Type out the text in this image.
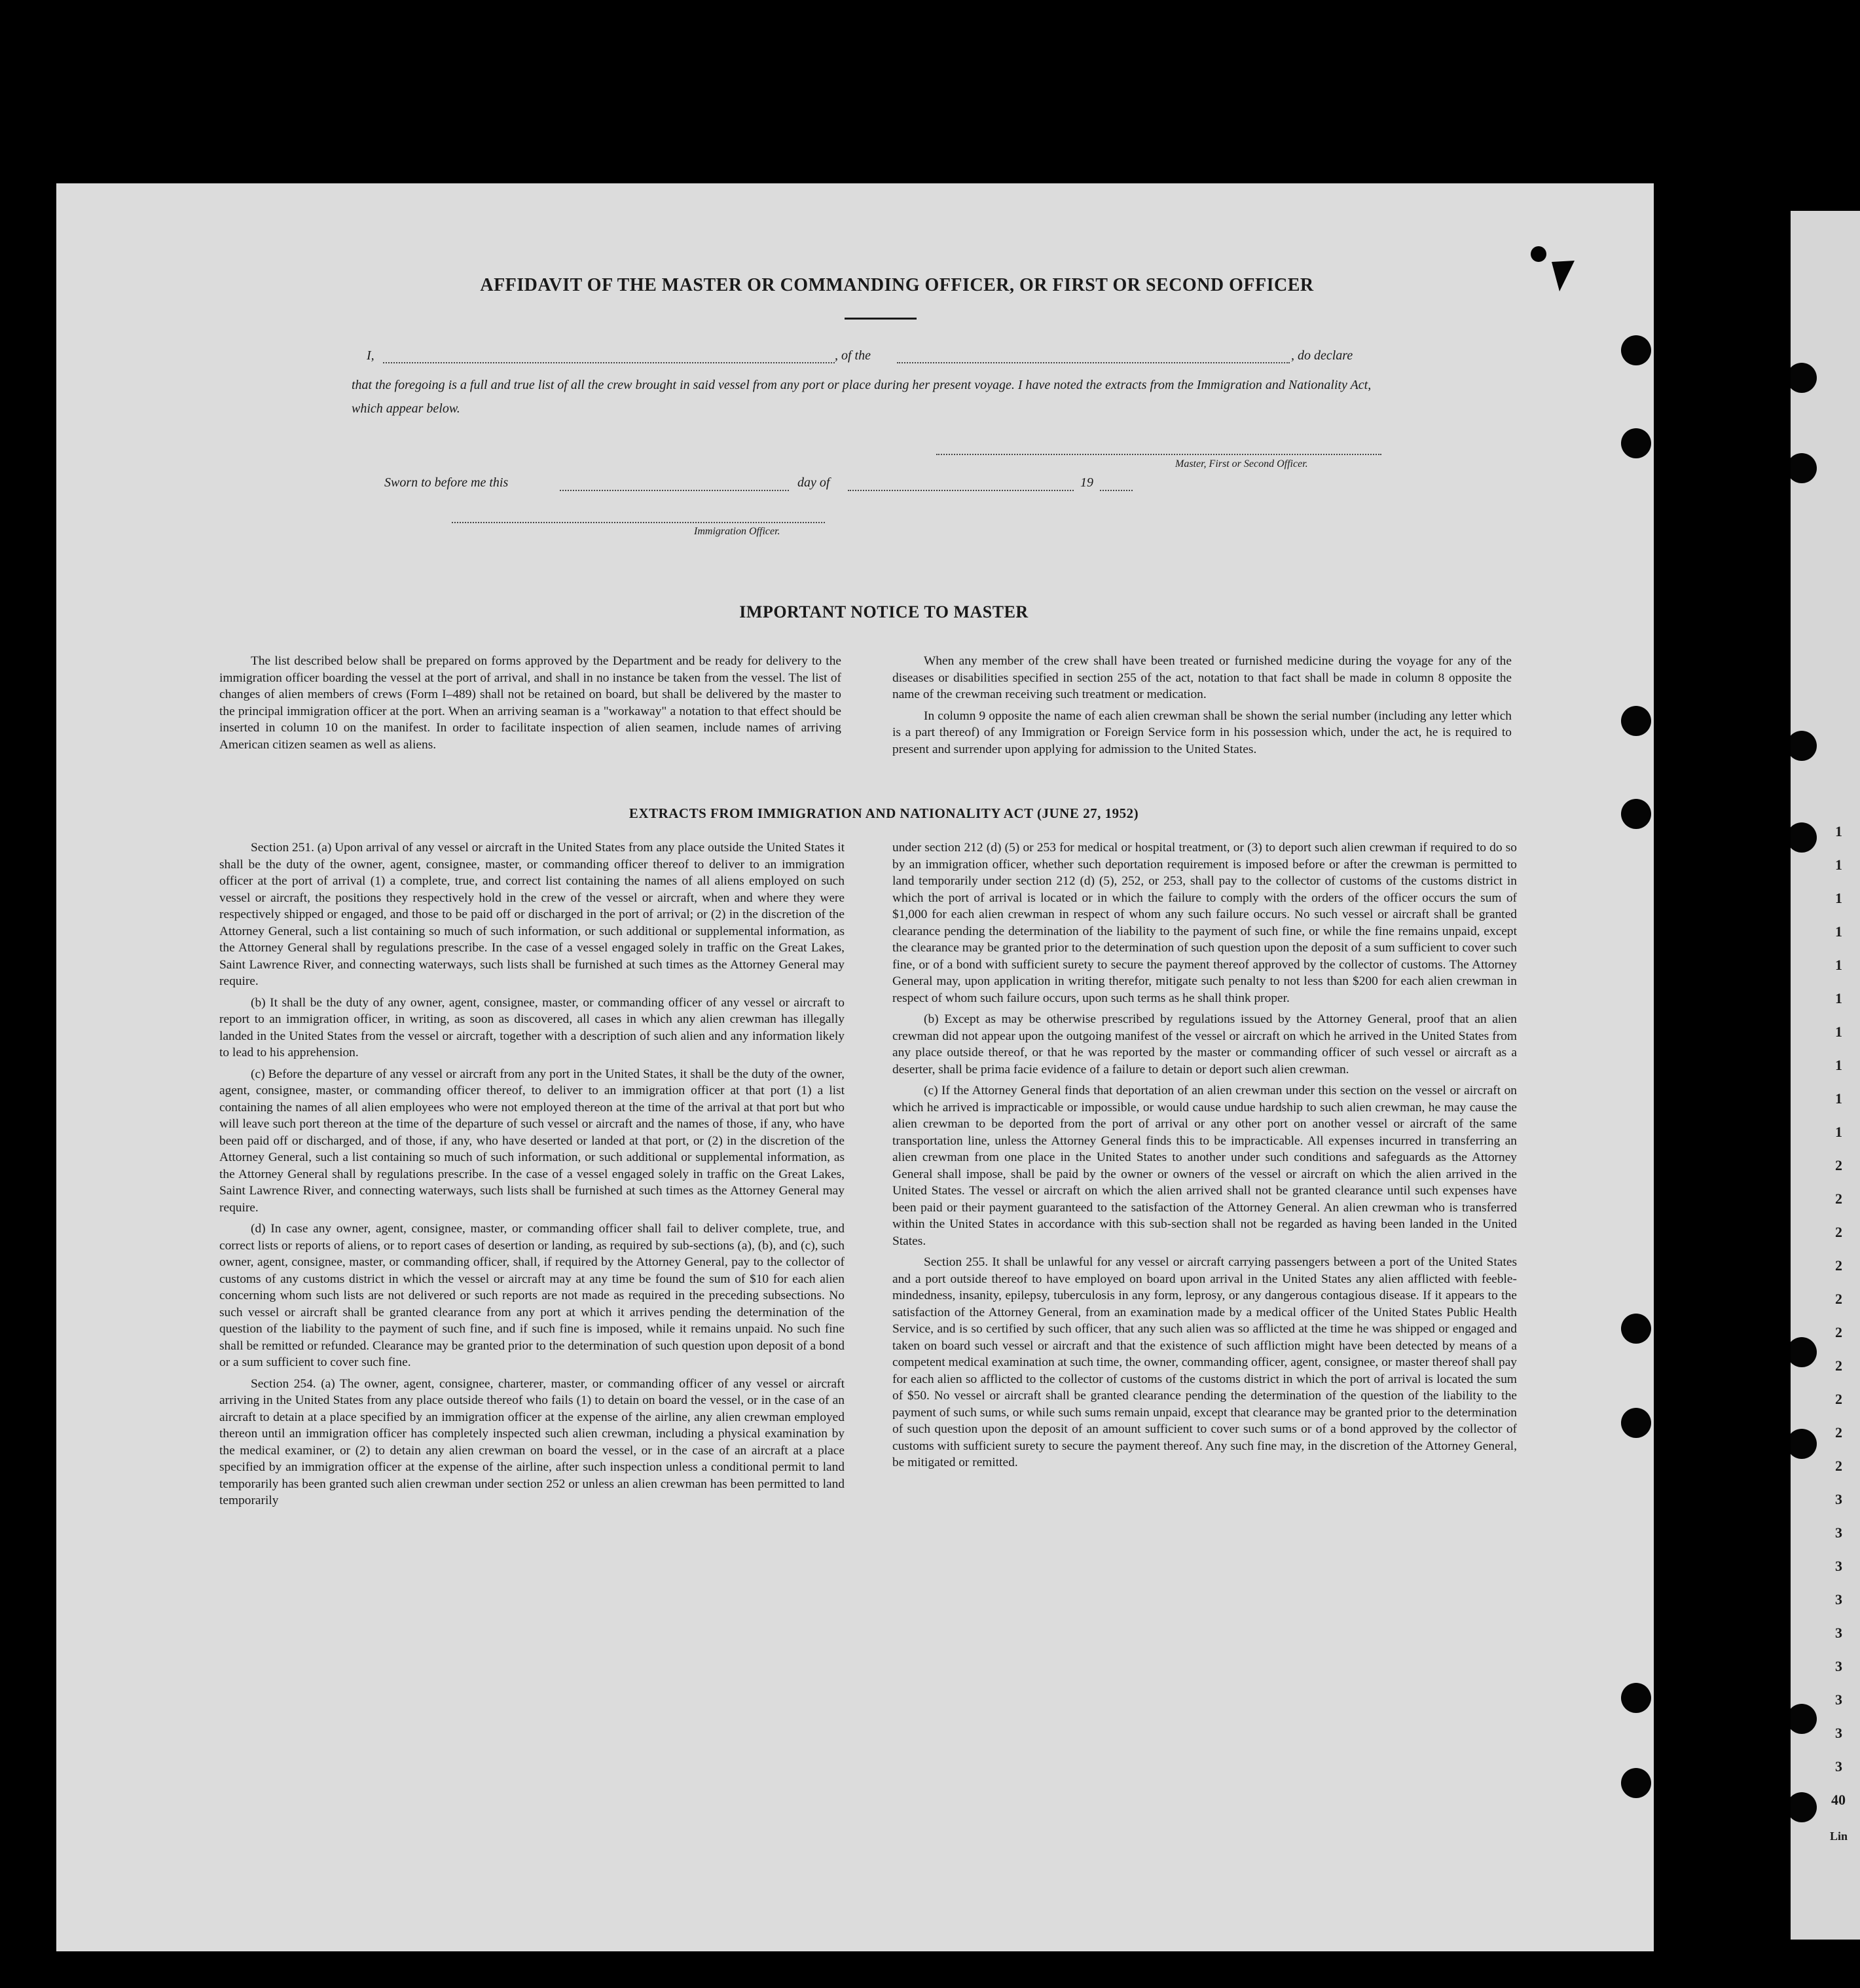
AFFIDAVIT OF THE MASTER OR COMMANDING OFFICER, OR FIRST OR SECOND OFFICER
I,	, of the	, do declare
that the foregoing is a full and true list of all the crew brought in said vessel from any port or place during her present voyage. I have noted the extracts from the Immigration and Nationality Act, which appear below.
Master, First or Second Officer.
Sworn to before me this	day of	19
Immigration Officer.
IMPORTANT NOTICE TO MASTER

The list described below shall be prepared on forms approved by the Department and be ready for delivery to the immigration officer boarding the vessel at the port of arrival, and shall in no instance be taken from the vessel. The list of changes of alien members of crews (Form I–489) shall not be retained on board, but shall be delivered by the master to the principal immigration officer at the port. When an arriving seaman is a "workaway" a notation to that effect should be inserted in column 10 on the manifest. In order to facilitate inspection of alien seamen, include names of arriving American citizen seamen as well as aliens.

When any member of the crew shall have been treated or furnished medicine during the voyage for any of the diseases or disabilities specified in section 255 of the act, notation to that fact shall be made in column 8 opposite the name of the crewman receiving such treatment or medication.

In column 9 opposite the name of each alien crewman shall be shown the serial number (including any letter which is a part thereof) of any Immigration or Foreign Service form in his possession which, under the act, he is required to present and surrender upon applying for admission to the United States.

EXTRACTS FROM IMMIGRATION AND NATIONALITY ACT (JUNE 27, 1952)

Section 251. (a) Upon arrival of any vessel or aircraft in the United States from any place outside the United States it shall be the duty of the owner, agent, consignee, master, or commanding officer thereof to deliver to an immigration officer at the port of arrival (1) a complete, true, and correct list containing the names of all aliens employed on such vessel or aircraft, the positions they respectively hold in the crew of the vessel or aircraft, when and where they were respectively shipped or engaged, and those to be paid off or discharged in the port of arrival; or (2) in the discretion of the Attorney General, such a list containing so much of such information, or such additional or supplemental information, as the Attorney General shall by regulations prescribe. In the case of a vessel engaged solely in traffic on the Great Lakes, Saint Lawrence River, and connecting waterways, such lists shall be furnished at such times as the Attorney General may require.

(b) It shall be the duty of any owner, agent, consignee, master, or commanding officer of any vessel or aircraft to report to an immigration officer, in writing, as soon as discovered, all cases in which any alien crewman has illegally landed in the United States from the vessel or aircraft, together with a description of such alien and any information likely to lead to his apprehension.

(c) Before the departure of any vessel or aircraft from any port in the United States, it shall be the duty of the owner, agent, consignee, master, or commanding officer thereof, to deliver to an immigration officer at that port (1) a list containing the names of all alien employees who were not employed thereon at the time of the arrival at that port but who will leave such port thereon at the time of the departure of such vessel or aircraft and the names of those, if any, who have been paid off or discharged, and of those, if any, who have deserted or landed at that port, or (2) in the discretion of the Attorney General, such a list containing so much of such information, or such additional or supplemental information, as the Attorney General shall by regulations prescribe. In the case of a vessel engaged solely in traffic on the Great Lakes, Saint Lawrence River, and connecting waterways, such lists shall be furnished at such times as the Attorney General may require.

(d) In case any owner, agent, consignee, master, or commanding officer shall fail to deliver complete, true, and correct lists or reports of aliens, or to report cases of desertion or landing, as required by sub-sections (a), (b), and (c), such owner, agent, consignee, master, or commanding officer, shall, if required by the Attorney General, pay to the collector of customs of any customs district in which the vessel or aircraft may at any time be found the sum of $10 for each alien concerning whom such lists are not delivered or such reports are not made as required in the preceding subsections. No such vessel or aircraft shall be granted clearance from any port at which it arrives pending the determination of the question of the liability to the payment of such fine, and if such fine is imposed, while it remains unpaid. No such fine shall be remitted or refunded. Clearance may be granted prior to the determination of such question upon deposit of a bond or a sum sufficient to cover such fine.

Section 254. (a) The owner, agent, consignee, charterer, master, or commanding officer of any vessel or aircraft arriving in the United States from any place outside thereof who fails (1) to detain on board the vessel, or in the case of an aircraft to detain at a place specified by an immigration officer at the expense of the airline, any alien crewman employed thereon until an immigration officer has completely inspected such alien crewman, including a physical examination by the medical examiner, or (2) to detain any alien crewman on board the vessel, or in the case of an aircraft at a place specified by an immigration officer at the expense of the airline, after such inspection unless a conditional permit to land temporarily has been granted such alien crewman under section 252 or unless an alien crewman has been permitted to land temporarily

under section 212 (d) (5) or 253 for medical or hospital treatment, or (3) to deport such alien crewman if required to do so by an immigration officer, whether such deportation requirement is imposed before or after the crewman is permitted to land temporarily under section 212 (d) (5), 252, or 253, shall pay to the collector of customs of the customs district in which the port of arrival is located or in which the failure to comply with the orders of the officer occurs the sum of $1,000 for each alien crewman in respect of whom any such failure occurs. No such vessel or aircraft shall be granted clearance pending the determination of the liability to the payment of such fine, or while the fine remains unpaid, except the clearance may be granted prior to the determination of such question upon the deposit of a sum sufficient to cover such fine, or of a bond with sufficient surety to secure the payment thereof approved by the collector of customs. The Attorney General may, upon application in writing therefor, mitigate such penalty to not less than $200 for each alien crewman in respect of whom such failure occurs, upon such terms as he shall think proper.

(b) Except as may be otherwise prescribed by regulations issued by the Attorney General, proof that an alien crewman did not appear upon the outgoing manifest of the vessel or aircraft on which he arrived in the United States from any place outside thereof, or that he was reported by the master or commanding officer of such vessel or aircraft as a deserter, shall be prima facie evidence of a failure to detain or deport such alien crewman.

(c) If the Attorney General finds that deportation of an alien crewman under this section on the vessel or aircraft on which he arrived is impracticable or impossible, or would cause undue hardship to such alien crewman, he may cause the alien crewman to be deported from the port of arrival or any other port on another vessel or aircraft of the same transportation line, unless the Attorney General finds this to be impracticable. All expenses incurred in transferring an alien crewman from one place in the United States to another under such conditions and safeguards as the Attorney General shall impose, shall be paid by the owner or owners of the vessel or aircraft on which the alien arrived in the United States. The vessel or aircraft on which the alien arrived shall not be granted clearance until such expenses have been paid or their payment guaranteed to the satisfaction of the Attorney General. An alien crewman who is transferred within the United States in accordance with this sub-section shall not be regarded as having been landed in the United States.

Section 255. It shall be unlawful for any vessel or aircraft carrying passengers between a port of the United States and a port outside thereof to have employed on board upon arrival in the United States any alien afflicted with feeble-mindedness, insanity, epilepsy, tuberculosis in any form, leprosy, or any dangerous contagious disease. If it appears to the satisfaction of the Attorney General, from an examination made by a medical officer of the United States Public Health Service, and is so certified by such officer, that any such alien was so afflicted at the time he was shipped or engaged and taken on board such vessel or aircraft and that the existence of such affliction might have been detected by means of a competent medical examination at such time, the owner, commanding officer, agent, consignee, or master thereof shall pay for each alien so afflicted to the collector of customs of the customs district in which the port of arrival is located the sum of $50. No vessel or aircraft shall be granted clearance pending the determination of the question of the liability to the payment of such sums, or while such sums remain unpaid, except that clearance may be granted prior to the determination of such question upon the deposit of an amount sufficient to cover such sums or of a bond approved by the collector of customs with sufficient surety to secure the payment thereof. Any such fine may, in the discretion of the Attorney General, be mitigated or remitted.

1
1
1
1
1
1
1
1
1
1
2
2
2
2
2
2
2
2
2
2
3
3
3
3
3
3
3
3
3
40
Lin
